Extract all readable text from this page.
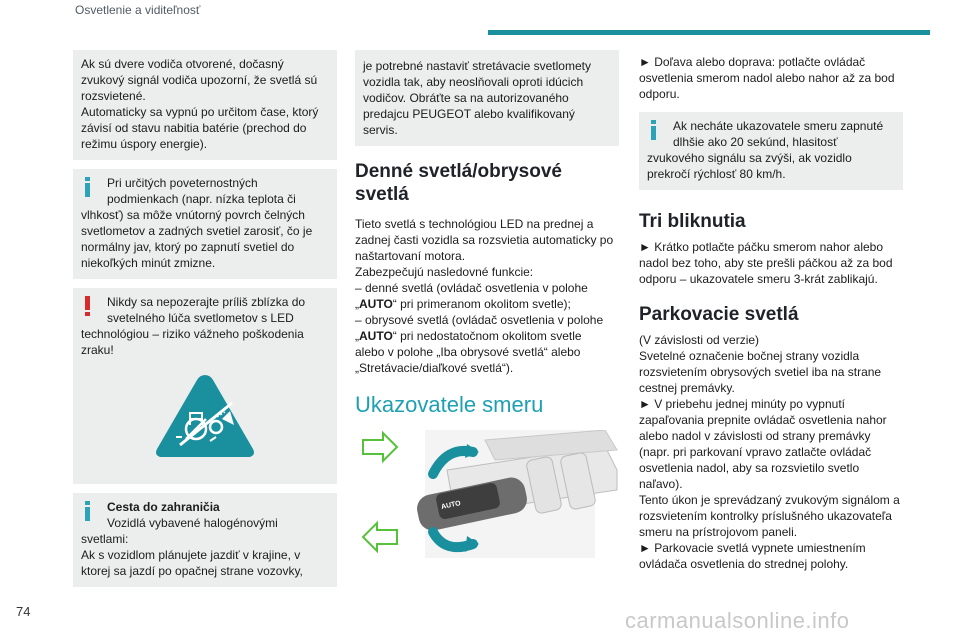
Osvetlenie a viditeľnosť

Ak sú dvere vodiča otvorené, dočasný
zvukový signál vodiča upozorní, že svetlá sú
rozsvietené.
Automaticky sa vypnú po určitom čase, ktorý
závisí od stavu nabitia batérie (prechod do
režimu úspory energie).

Pri určitých poveternostných
podmienkach (napr. nízka teplota či
vlhkosť) sa môže vnútorný povrch čelných
svetlometov a zadných svetiel zarosiť, čo je
normálny jav, ktorý po zapnutí svetiel do
niekoľkých minút zmizne.

Nikdy sa nepozerajte príliš zblízka do
svetelného lúča svetlometov s LED
technológiou – riziko vážneho poškodenia
zraku!

Cesta do zahraničia

Vozidlá vybavené halogénovými
svetlami:
Ak s vozidlom plánujete jazdiť v krajine, v
ktorej sa jazdí po opačnej strane vozovky,

je potrebné nastaviť stretávacie svetlomety
vozidla tak, aby neoslňovali oproti idúcich
vodičov. Obráťte sa na autorizovaného
predajcu PEUGEOT alebo kvalifikovaný
servis.

Denné svetlá/obrysové svetlá

Tieto svetlá s technológiou LED na prednej a
zadnej časti vozidla sa rozsvietia automaticky po
naštartovaní motora.
Zabezpečujú nasledovné funkcie:
– denné svetlá (ovládač osvetlenia v polohe
„AUTO“ pri primeranom okolitom svetle);
– obrysové svetlá (ovládač osvetlenia v polohe
„AUTO“ pri nedostatočnom okolitom svetle
alebo v polohe „Iba obrysové svetlá“ alebo
„Stretávacie/diaľkové svetlá“).

Ukazovatele smeru
AUTO

► Doľava alebo doprava: potlačte ovládač
osvetlenia smerom nadol alebo nahor až za bod
odporu.

Ak necháte ukazovatele smeru zapnuté
dlhšie ako 20 sekúnd, hlasitosť
zvukového signálu sa zvýši, ak vozidlo
prekročí rýchlosť 80 km/h.

Tri bliknutia

► Krátko potlačte páčku smerom nahor alebo
nadol bez toho, aby ste prešli páčkou až za bod
odporu – ukazovatele smeru 3-krát zablikajú.

Parkovacie svetlá

(V závislosti od verzie)
Svetelné označenie bočnej strany vozidla
rozsvietením obrysových svetiel iba na strane
cestnej premávky.
► V priebehu jednej minúty po vypnutí
zapaľovania prepnite ovládač osvetlenia nahor
alebo nadol v závislosti od strany premávky
(napr. pri parkovaní vpravo zatlačte ovládač
osvetlenia nadol, aby sa rozsvietilo svetlo
naľavo).
Tento úkon je sprevádzaný zvukovým signálom a
rozsvietením kontrolky príslušného ukazovateľa
smeru na prístrojovom paneli.
► Parkovacie svetlá vypnete umiestnením
ovládača osvetlenia do strednej polohy.

74	carmanualsonline.info
